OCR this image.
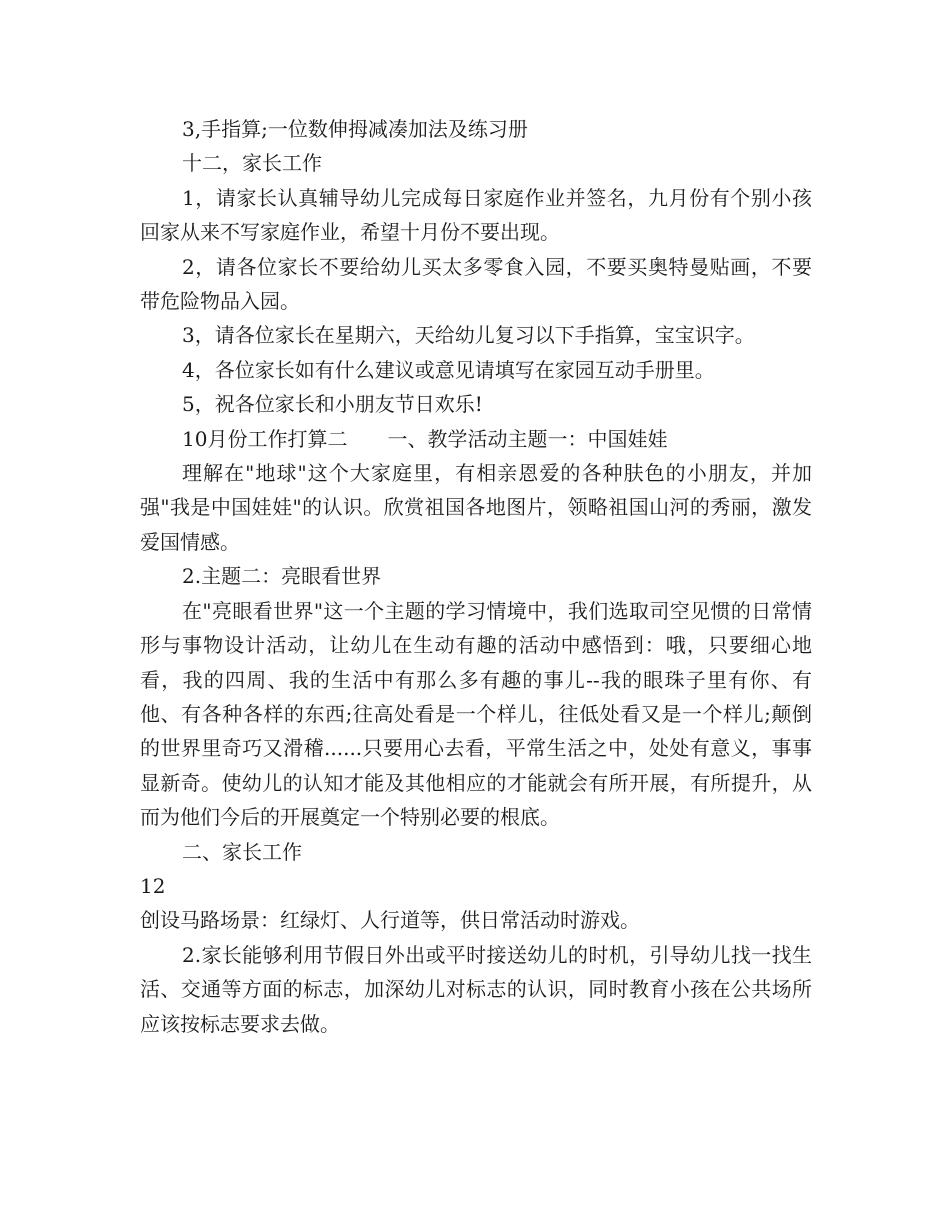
3,手指算;一位数伸拇减凑加法及练习册

十二，家长工作

1，请家长认真辅导幼儿完成每日家庭作业并签名，九月份有个别小孩回家从来不写家庭作业，希望十月份不要出现。

2，请各位家长不要给幼儿买太多零食入园，不要买奥特曼贴画，不要带危险物品入园。

3，请各位家长在星期六，天给幼儿复习以下手指算，宝宝识字。

4，各位家长如有什么建议或意见请填写在家园互动手册里。

5，祝各位家长和小朋友节日欢乐!

10月份工作打算二　　一、教学活动主题一：中国娃娃

理解在"地球"这个大家庭里，有相亲恩爱的各种肤色的小朋友，并加强"我是中国娃娃"的认识。欣赏祖国各地图片，领略祖国山河的秀丽，激发爱国情感。

2.主题二：亮眼看世界

在"亮眼看世界"这一个主题的学习情境中，我们选取司空见惯的日常情形与事物设计活动，让幼儿在生动有趣的活动中感悟到：哦，只要细心地看，我的四周、我的生活中有那么多有趣的事儿--我的眼珠子里有你、有他、有各种各样的东西;往高处看是一个样儿，往低处看又是一个样儿;颠倒的世界里奇巧又滑稽......只要用心去看，平常生活之中，处处有意义，事事显新奇。使幼儿的认知才能及其他相应的才能就会有所开展，有所提升，从而为他们今后的开展奠定一个特别必要的根底。

二、家长工作

12

创设马路场景：红绿灯、人行道等，供日常活动时游戏。

2.家长能够利用节假日外出或平时接送幼儿的时机，引导幼儿找一找生活、交通等方面的标志，加深幼儿对标志的认识，同时教育小孩在公共场所应该按标志要求去做。
